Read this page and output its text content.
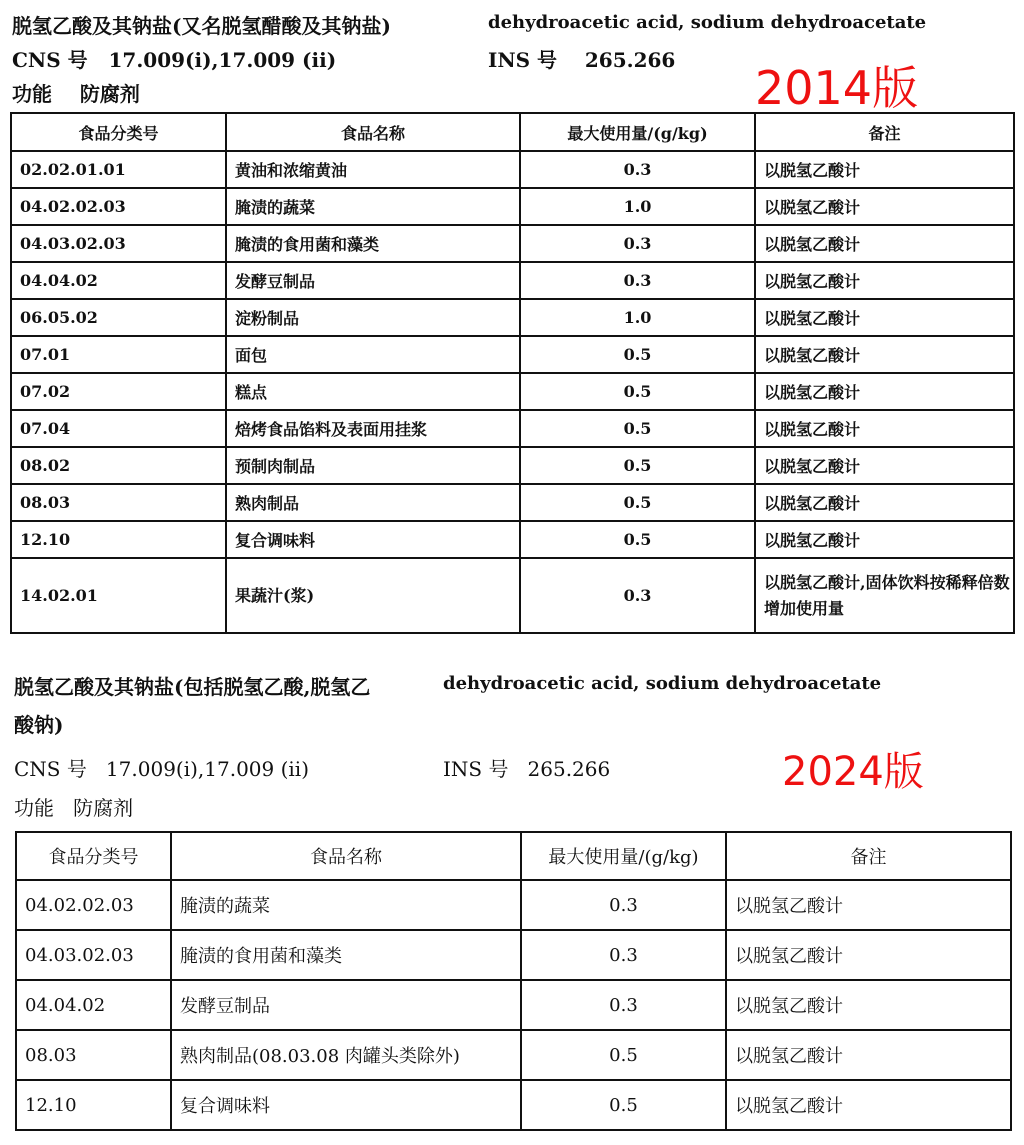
脱氢乙酸及其钠盐(又名脱氢醋酸及其钠盐)	dehydroacetic acid, sodium dehydroacetate
CNS 号   17.009(i),17.009 (ii)	INS 号    265.266
功能    防腐剂	2014版
食品分类号	食品名称	最大使用量/(g/kg)	备注
02.02.01.01	黄油和浓缩黄油	0.3	以脱氢乙酸计
04.02.02.03	腌渍的蔬菜	1.0	以脱氢乙酸计
04.03.02.03	腌渍的食用菌和藻类	0.3	以脱氢乙酸计
04.04.02	发酵豆制品	0.3	以脱氢乙酸计
06.05.02	淀粉制品	1.0	以脱氢乙酸计
07.01	面包	0.5	以脱氢乙酸计
07.02	糕点	0.5	以脱氢乙酸计
07.04	焙烤食品馅料及表面用挂浆	0.5	以脱氢乙酸计
08.02	预制肉制品	0.5	以脱氢乙酸计
08.03	熟肉制品	0.5	以脱氢乙酸计
12.10	复合调味料	0.5	以脱氢乙酸计
14.02.01	果蔬汁(浆)	0.3	以脱氢乙酸计,固体饮料按稀释倍数增加使用量
脱氢乙酸及其钠盐(包括脱氢乙酸,脱氢乙
酸钠)
dehydroacetic acid, sodium dehydroacetate
CNS 号   17.009(i),17.009 (ii)	INS 号   265.266
功能   防腐剂
2024版
食品分类号	食品名称	最大使用量/(g/kg)	备注
04.02.02.03	腌渍的蔬菜	0.3	以脱氢乙酸计
04.03.02.03	腌渍的食用菌和藻类	0.3	以脱氢乙酸计
04.04.02	发酵豆制品	0.3	以脱氢乙酸计
08.03	熟肉制品(08.03.08 肉罐头类除外)	0.5	以脱氢乙酸计
12.10	复合调味料	0.5	以脱氢乙酸计
